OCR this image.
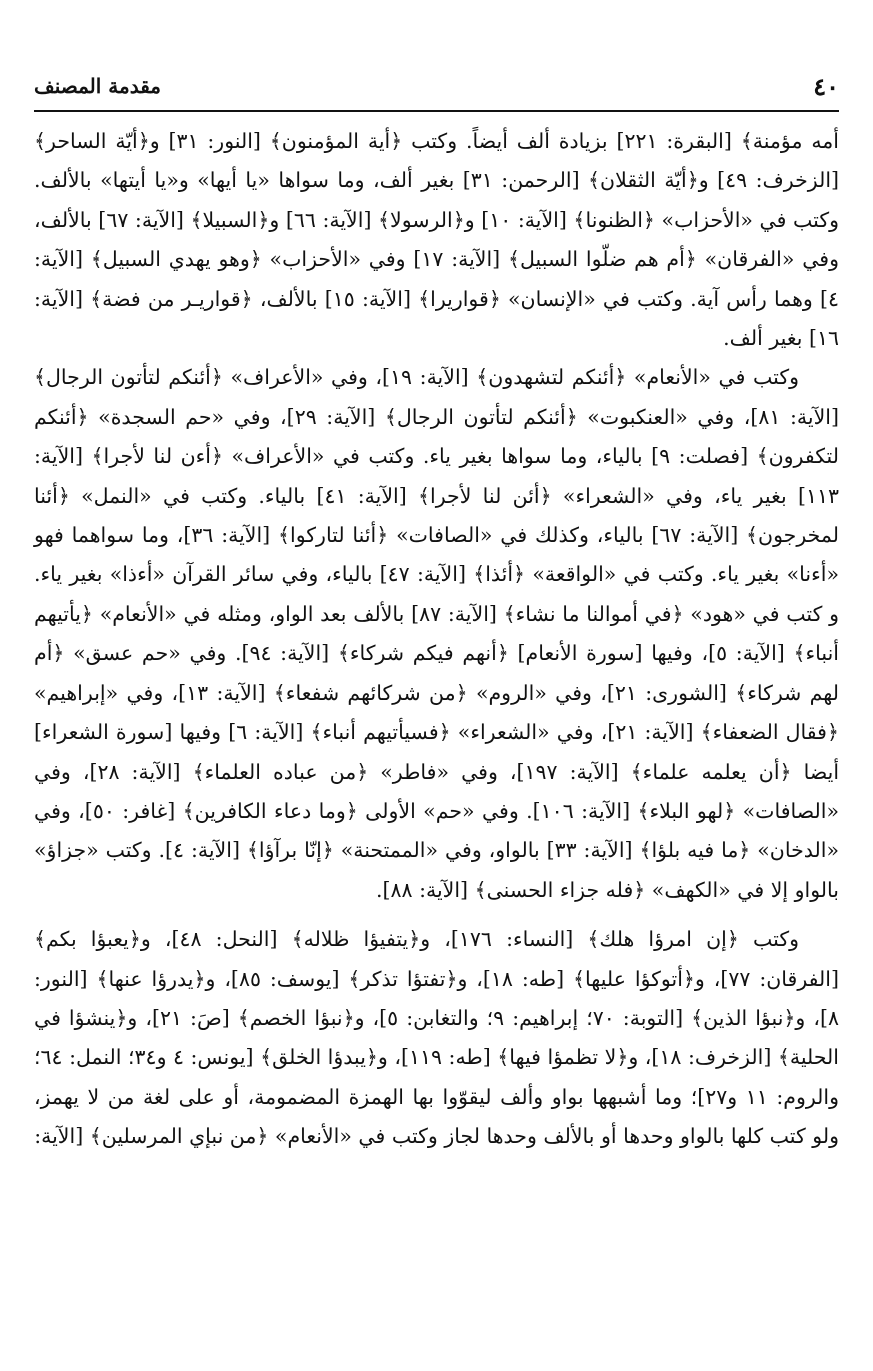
٤٠
مقدمة المصنف

أمه مؤمنة﴾ [البقرة: ٢٢١] بزيادة ألف أيضاً. وكتب ﴿أية المؤمنون﴾ [النور: ٣١] و﴿أيّة الساحر﴾ [الزخرف: ٤٩] و﴿أيّة الثقلان﴾ [الرحمن: ٣١] بغير ألف، وما سواها «يا أيها» و«يا أيتها» بالألف. وكتب في «الأحزاب» ﴿الظنونا﴾ [الآية: ١٠] و﴿الرسولا﴾ [الآية: ٦٦] و﴿السبيلا﴾ [الآية: ٦٧] بالألف، وفي «الفرقان» ﴿أم هم ضلّوا السبيل﴾ [الآية: ١٧] وفي «الأحزاب» ﴿وهو يهدي السبيل﴾ [الآية: ٤] وهما رأس آية. وكتب في «الإنسان» ﴿قواريرا﴾ [الآية: ١٥] بالألف، ﴿قواريـر من فضة﴾ [الآية: ١٦] بغير ألف.

وكتب في «الأنعام» ﴿أئنكم لتشهدون﴾ [الآية: ١٩]، وفي «الأعراف» ﴿أئنكم لتأتون الرجال﴾ [الآية: ٨١]، وفي «العنكبوت» ﴿أئنكم لتأتون الرجال﴾ [الآية: ٢٩]، وفي «حم السجدة» ﴿أئنكم لتكفرون﴾ [فصلت: ٩] بالياء، وما سواها بغير ياء. وكتب في «الأعراف» ﴿أءن لنا لأجرا﴾ [الآية: ١١٣] بغير ياء، وفي «الشعراء» ﴿أئن لنا لأجرا﴾ [الآية: ٤١] بالياء. وكتب في «النمل» ﴿أئنا لمخرجون﴾ [الآية: ٦٧] بالياء، وكذلك في «الصافات» ﴿أئنا لتاركوا﴾ [الآية: ٣٦]، وما سواهما فهو «أءنا» بغير ياء. وكتب في «الواقعة» ﴿أئذا﴾ [الآية: ٤٧] بالياء، وفي سائر القرآن «أءذا» بغير ياء. و كتب في «هود» ﴿في أموالنا ما نشاء﴾ [الآية: ٨٧] بالألف بعد الواو، ومثله في «الأنعام» ﴿يأتيهم أنباء﴾ [الآية: ٥]، وفيها [سورة الأنعام] ﴿أنهم فيكم شركاء﴾ [الآية: ٩٤]. وفي «حم عسق» ﴿أم لهم شركاء﴾ [الشورى: ٢١]، وفي «الروم» ﴿من شركائهم شفعاء﴾ [الآية: ١٣]، وفي «إبراهيم» ﴿فقال الضعفاء﴾ [الآية: ٢١]، وفي «الشعراء» ﴿فسيأتيهم أنباء﴾ [الآية: ٦] وفيها [سورة الشعراء] أيضا ﴿أن يعلمه علماء﴾ [الآية: ١٩٧]، وفي «فاطر» ﴿من عباده العلماء﴾ [الآية: ٢٨]، وفي «الصافات» ﴿لهو البلاء﴾ [الآية: ١٠٦]. وفي «حم» الأولى ﴿وما دعاء الكافرين﴾ [غافر: ٥٠]، وفي «الدخان» ﴿ما فيه بلؤا﴾ [الآية: ٣٣] بالواو، وفي «الممتحنة» ﴿إنّا برآؤا﴾ [الآية: ٤]. وكتب «جزاؤ» بالواو إلا في «الكهف» ﴿فله جزاء الحسنى﴾ [الآية: ٨٨].

وكتب ﴿إن امرؤا هلك﴾ [النساء: ١٧٦]، و﴿يتفيؤا ظلاله﴾ [النحل: ٤٨]، و﴿يعبؤا بكم﴾ [الفرقان: ٧٧]، و﴿أتوكؤا عليها﴾ [طه: ١٨]، و﴿تفتؤا تذكر﴾ [يوسف: ٨٥]، و﴿يدرؤا عنها﴾ [النور: ٨]، و﴿نبؤا الذين﴾ [التوبة: ٧٠؛ إبراهيم: ٩؛ والتغابن: ٥]، و﴿نبؤا الخصم﴾ [صَ: ٢١]، و﴿ينشؤا في الحلية﴾ [الزخرف: ١٨]، و﴿لا تظمؤا فيها﴾ [طه: ١١٩]، و﴿يبدؤا الخلق﴾ [يونس: ٤ و٣٤؛ النمل: ٦٤؛ والروم: ١١ و٢٧]؛ وما أشبهها بواو وألف ليقوّوا بها الهمزة المضمومة، أو على لغة من لا يهمز، ولو كتب كلها بالواو وحدها أو بالألف وحدها لجاز وكتب في «الأنعام» ﴿من نبإي المرسلين﴾ [الآية:
